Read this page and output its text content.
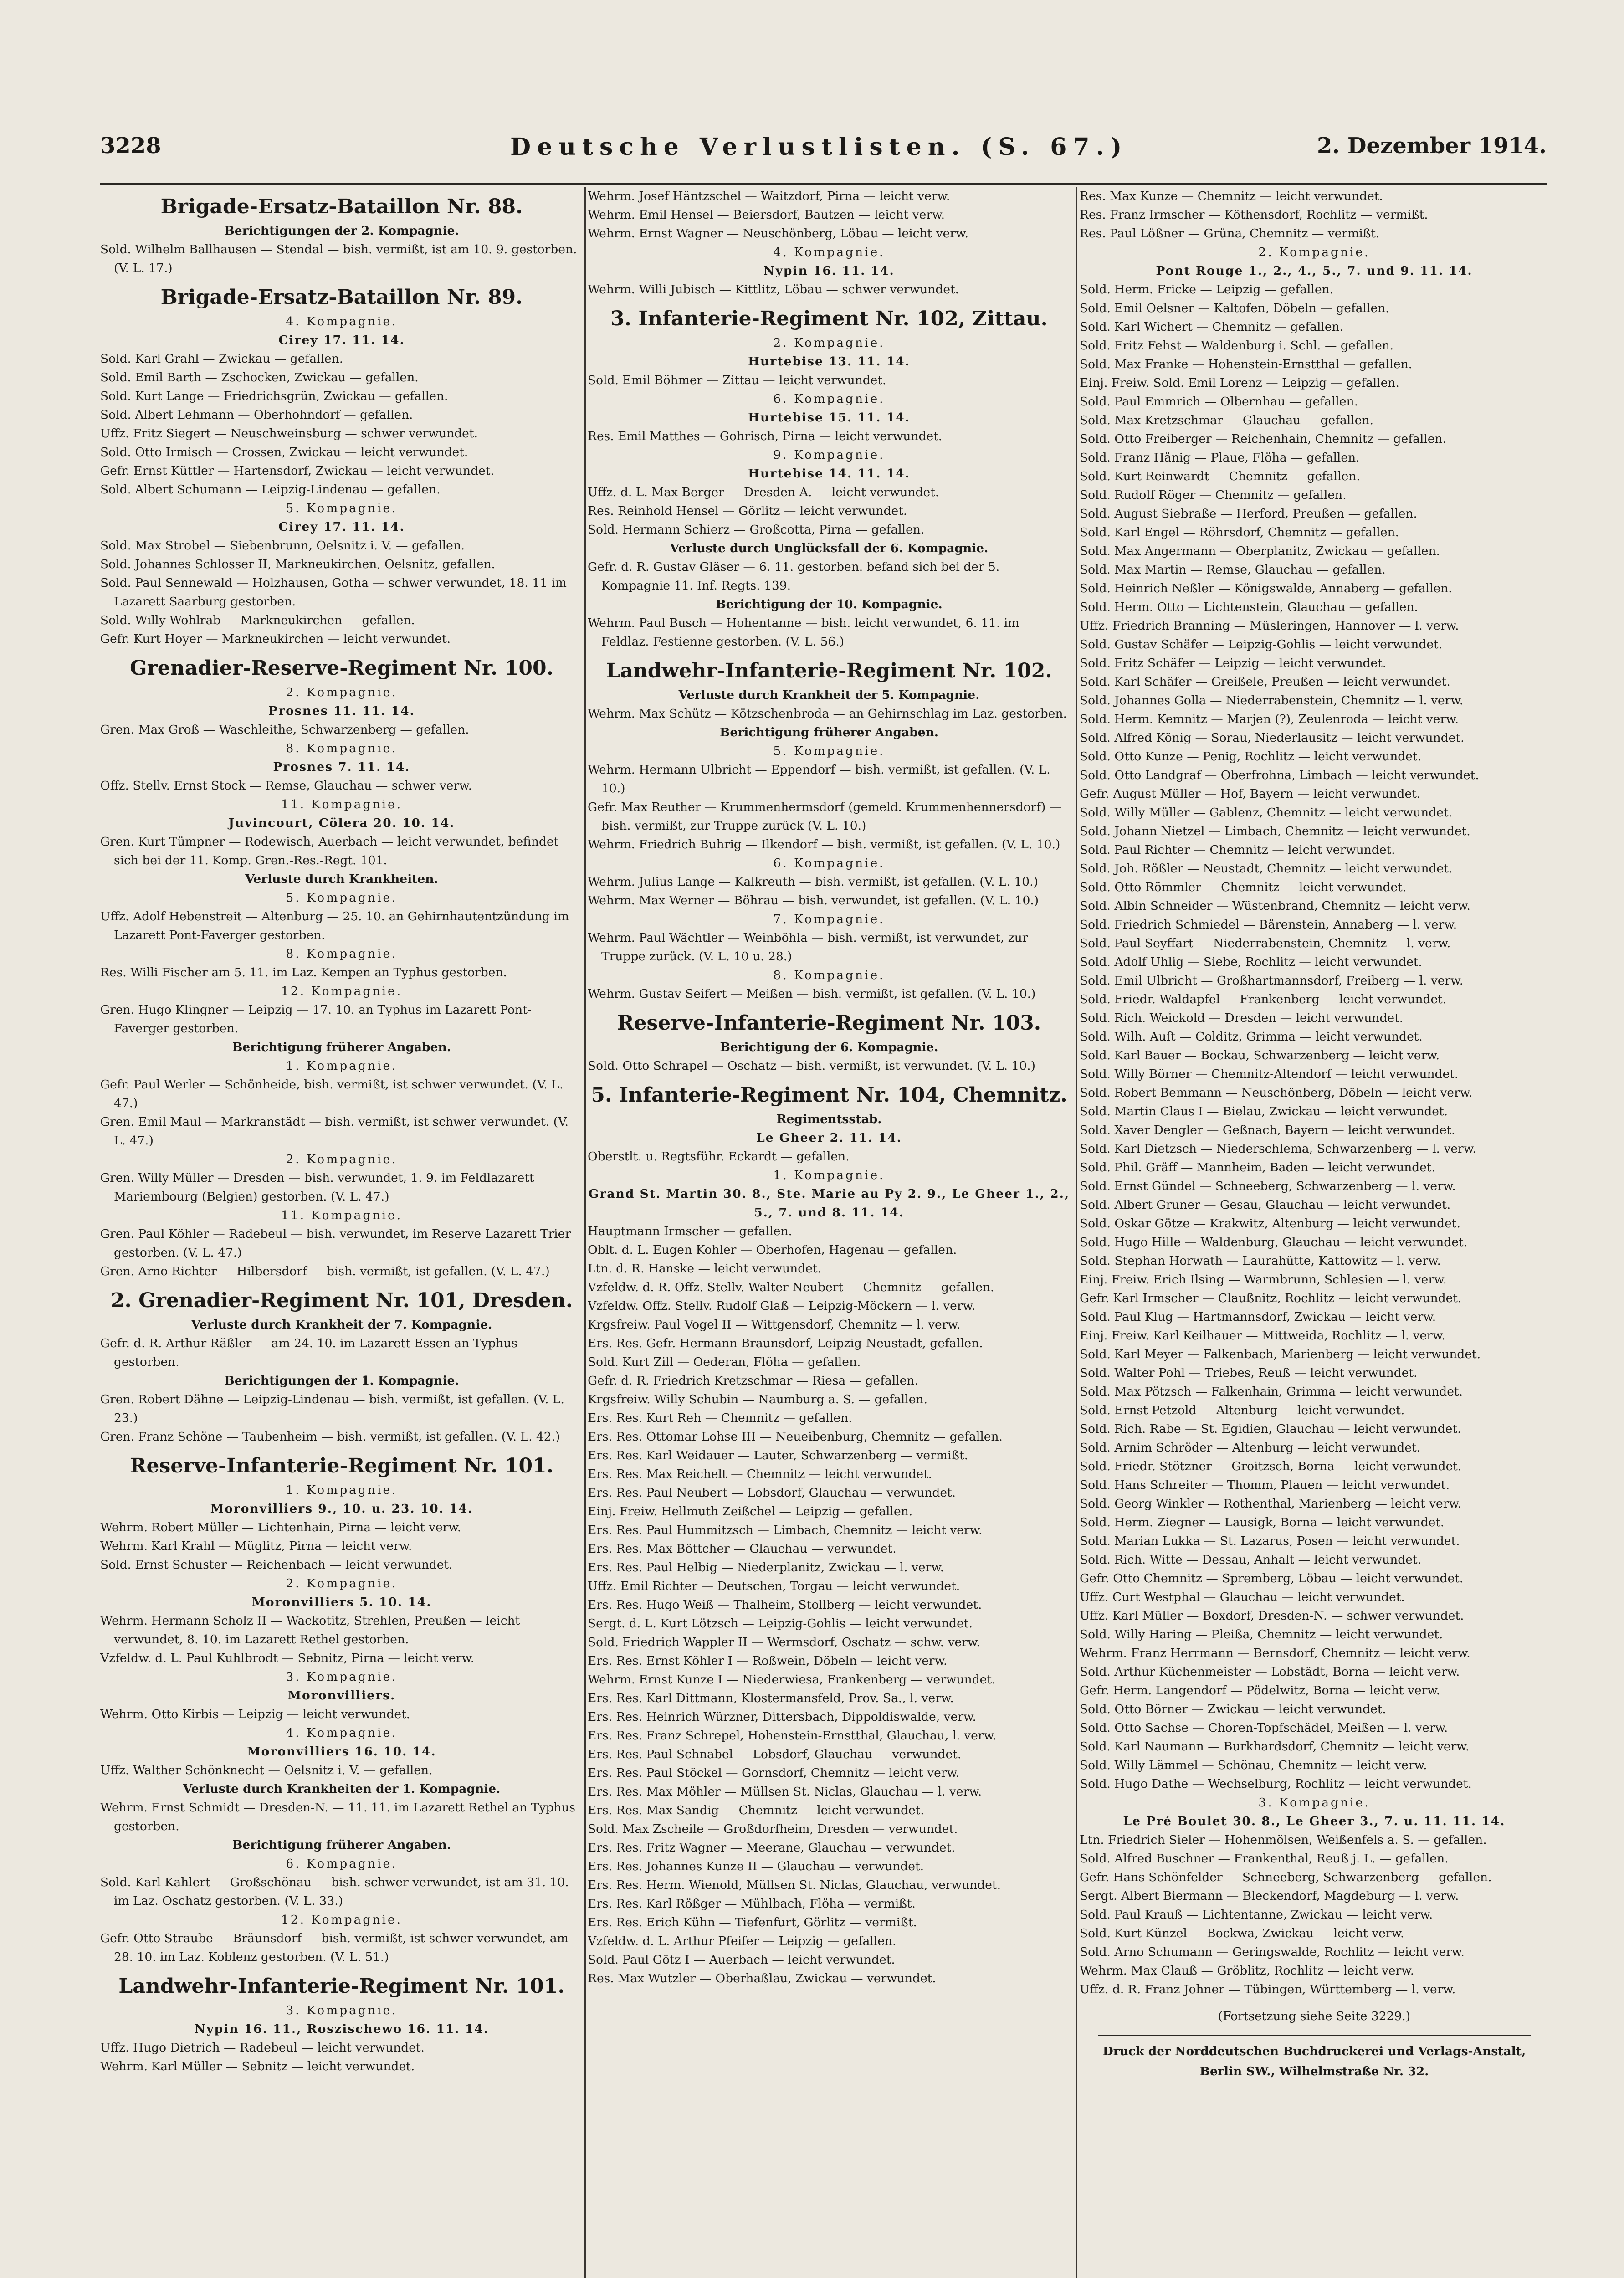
3228	Deutsche Verlustlisten. (S. 67.)	2. Dezember 1914.
Brigade-Ersatz-Bataillon Nr. 88.
Berichtigungen der 2. Kompagnie.
Sold. Wilhelm Ballhausen — Stendal — bish. vermißt, ist am 10. 9. gestorben. (V. L. 17.)
Brigade-Ersatz-Bataillon Nr. 89.
4. Kompagnie.
Cirey 17. 11. 14.
Sold. Karl Grahl — Zwickau — gefallen.
Sold. Emil Barth — Zschocken, Zwickau — gefallen.
Sold. Kurt Lange — Friedrichsgrün, Zwickau — gefallen.
Sold. Albert Lehmann — Oberhohndorf — gefallen.
Uffz. Fritz Siegert — Neuschweinsburg — schwer verwundet.
Sold. Otto Irmisch — Crossen, Zwickau — leicht verwundet.
Gefr. Ernst Küttler — Hartensdorf, Zwickau — leicht verwundet.
Sold. Albert Schumann — Leipzig-Lindenau — gefallen.
5. Kompagnie.
Cirey 17. 11. 14.
Sold. Max Strobel — Siebenbrunn, Oelsnitz i. V. — gefallen.
Sold. Johannes Schlosser II, Markneukirchen, Oelsnitz, gefallen.
Sold. Paul Sennewald — Holzhausen, Gotha — schwer verwundet, 18. 11 im Lazarett Saarburg gestorben.
Sold. Willy Wohlrab — Markneukirchen — gefallen.
Gefr. Kurt Hoyer — Markneukirchen — leicht verwundet.
Grenadier-Reserve-Regiment Nr. 100.
2. Kompagnie.
Prosnes 11. 11. 14.
Gren. Max Groß — Waschleithe, Schwarzenberg — gefallen.
8. Kompagnie.
Prosnes 7. 11. 14.
Offz. Stellv. Ernst Stock — Remse, Glauchau — schwer verw.
11. Kompagnie.
Juvincourt, Cölera 20. 10. 14.
Gren. Kurt Tümpner — Rodewisch, Auerbach — leicht verwundet, befindet sich bei der 11. Komp. Gren.-Res.-Regt. 101.
Verluste durch Krankheiten.
5. Kompagnie.
Uffz. Adolf Hebenstreit — Altenburg — 25. 10. an Gehirnhautentzündung im Lazarett Pont-Faverger gestorben.
8. Kompagnie.
Res. Willi Fischer am 5. 11. im Laz. Kempen an Typhus gestorben.
12. Kompagnie.
Gren. Hugo Klingner — Leipzig — 17. 10. an Typhus im Lazarett Pont-Faverger gestorben.
Berichtigung früherer Angaben.
1. Kompagnie.
Gefr. Paul Werler — Schönheide, bish. vermißt, ist schwer verwundet. (V. L. 47.)
Gren. Emil Maul — Markranstädt — bish. vermißt, ist schwer verwundet. (V. L. 47.)
2. Kompagnie.
Gren. Willy Müller — Dresden — bish. verwundet, 1. 9. im Feldlazarett Mariembourg (Belgien) gestorben. (V. L. 47.)
11. Kompagnie.
Gren. Paul Köhler — Radebeul — bish. verwundet, im Reserve Lazarett Trier gestorben. (V. L. 47.)
Gren. Arno Richter — Hilbersdorf — bish. vermißt, ist gefallen. (V. L. 47.)
2. Grenadier-Regiment Nr. 101, Dresden.
Verluste durch Krankheit der 7. Kompagnie.
Gefr. d. R. Arthur Räßler — am 24. 10. im Lazarett Essen an Typhus gestorben.
Berichtigungen der 1. Kompagnie.
Gren. Robert Dähne — Leipzig-Lindenau — bish. vermißt, ist gefallen. (V. L. 23.)
Gren. Franz Schöne — Taubenheim — bish. vermißt, ist gefallen. (V. L. 42.)
Reserve-Infanterie-Regiment Nr. 101.
1. Kompagnie.
Moronvilliers 9., 10. u. 23. 10. 14.
Wehrm. Robert Müller — Lichtenhain, Pirna — leicht verw.
Wehrm. Karl Krahl — Müglitz, Pirna — leicht verw.
Sold. Ernst Schuster — Reichenbach — leicht verwundet.
2. Kompagnie.
Moronvilliers 5. 10. 14.
Wehrm. Hermann Scholz II — Wackotitz, Strehlen, Preußen — leicht verwundet, 8. 10. im Lazarett Rethel gestorben.
Vzfeldw. d. L. Paul Kuhlbrodt — Sebnitz, Pirna — leicht verw.
3. Kompagnie.
Moronvilliers.
Wehrm. Otto Kirbis — Leipzig — leicht verwundet.
4. Kompagnie.
Moronvilliers 16. 10. 14.
Uffz. Walther Schönknecht — Oelsnitz i. V. — gefallen.
Verluste durch Krankheiten der 1. Kompagnie.
Wehrm. Ernst Schmidt — Dresden-N. — 11. 11. im Lazarett Rethel an Typhus gestorben.
Berichtigung früherer Angaben.
6. Kompagnie.
Sold. Karl Kahlert — Großschönau — bish. schwer verwundet, ist am 31. 10. im Laz. Oschatz gestorben. (V. L. 33.)
12. Kompagnie.
Gefr. Otto Straube — Bräunsdorf — bish. vermißt, ist schwer verwundet, am 28. 10. im Laz. Koblenz gestorben. (V. L. 51.)
Landwehr-Infanterie-Regiment Nr. 101.
3. Kompagnie.
Nypin 16. 11., Roszischewo 16. 11. 14.
Uffz. Hugo Dietrich — Radebeul — leicht verwundet.
Wehrm. Karl Müller — Sebnitz — leicht verwundet.
Wehrm. Josef Häntzschel — Waitzdorf, Pirna — leicht verw.
Wehrm. Emil Hensel — Beiersdorf, Bautzen — leicht verw.
Wehrm. Ernst Wagner — Neuschönberg, Löbau — leicht verw.
4. Kompagnie.
Nypin 16. 11. 14.
Wehrm. Willi Jubisch — Kittlitz, Löbau — schwer verwundet.
3. Infanterie-Regiment Nr. 102, Zittau.
2. Kompagnie.
Hurtebise 13. 11. 14.
Sold. Emil Böhmer — Zittau — leicht verwundet.
6. Kompagnie.
Hurtebise 15. 11. 14.
Res. Emil Matthes — Gohrisch, Pirna — leicht verwundet.
9. Kompagnie.
Hurtebise 14. 11. 14.
Uffz. d. L. Max Berger — Dresden-A. — leicht verwundet.
Res. Reinhold Hensel — Görlitz — leicht verwundet.
Sold. Hermann Schierz — Großcotta, Pirna — gefallen.
Verluste durch Unglücksfall der 6. Kompagnie.
Gefr. d. R. Gustav Gläser — 6. 11. gestorben. befand sich bei der 5. Kompagnie 11. Inf. Regts. 139.
Berichtigung der 10. Kompagnie.
Wehrm. Paul Busch — Hohentanne — bish. leicht verwundet, 6. 11. im Feldlaz. Festienne gestorben. (V. L. 56.)
Landwehr-Infanterie-Regiment Nr. 102.
Verluste durch Krankheit der 5. Kompagnie.
Wehrm. Max Schütz — Kötzschenbroda — an Gehirnschlag im Laz. gestorben.
Berichtigung früherer Angaben.
5. Kompagnie.
Wehrm. Hermann Ulbricht — Eppendorf — bish. vermißt, ist gefallen. (V. L. 10.)
Gefr. Max Reuther — Krummenhermsdorf (gemeld. Krummenhennersdorf) — bish. vermißt, zur Truppe zurück (V. L. 10.)
Wehrm. Friedrich Buhrig — Ilkendorf — bish. vermißt, ist gefallen. (V. L. 10.)
6. Kompagnie.
Wehrm. Julius Lange — Kalkreuth — bish. vermißt, ist gefallen. (V. L. 10.)
Wehrm. Max Werner — Böhrau — bish. verwundet, ist gefallen. (V. L. 10.)
7. Kompagnie.
Wehrm. Paul Wächtler — Weinböhla — bish. vermißt, ist verwundet, zur Truppe zurück. (V. L. 10 u. 28.)
8. Kompagnie.
Wehrm. Gustav Seifert — Meißen — bish. vermißt, ist gefallen. (V. L. 10.)
Reserve-Infanterie-Regiment Nr. 103.
Berichtigung der 6. Kompagnie.
Sold. Otto Schrapel — Oschatz — bish. vermißt, ist verwundet. (V. L. 10.)
5. Infanterie-Regiment Nr. 104, Chemnitz.
Regimentsstab.
Le Gheer 2. 11. 14.
Oberstlt. u. Regtsführ. Eckardt — gefallen.
1. Kompagnie.
Grand St. Martin 30. 8., Ste. Marie au Py 2. 9., Le Gheer 1., 2., 5., 7. und 8. 11. 14.
Hauptmann Irmscher — gefallen.
Oblt. d. L. Eugen Kohler — Oberhofen, Hagenau — gefallen.
Ltn. d. R. Hanske — leicht verwundet.
Vzfeldw. d. R. Offz. Stellv. Walter Neubert — Chemnitz — gefallen.
Vzfeldw. Offz. Stellv. Rudolf Glaß — Leipzig-Möckern — l. verw.
Krgsfreiw. Paul Vogel II — Wittgensdorf, Chemnitz — l. verw.
Ers. Res. Gefr. Hermann Braunsdorf, Leipzig-Neustadt, gefallen.
Sold. Kurt Zill — Oederan, Flöha — gefallen.
Gefr. d. R. Friedrich Kretzschmar — Riesa — gefallen.
Krgsfreiw. Willy Schubin — Naumburg a. S. — gefallen.
Ers. Res. Kurt Reh — Chemnitz — gefallen.
Ers. Res. Ottomar Lohse III — Neueibenburg, Chemnitz — gefallen.
Ers. Res. Karl Weidauer — Lauter, Schwarzenberg — vermißt.
Ers. Res. Max Reichelt — Chemnitz — leicht verwundet.
Ers. Res. Paul Neubert — Lobsdorf, Glauchau — verwundet.
Einj. Freiw. Hellmuth Zeißchel — Leipzig — gefallen.
Ers. Res. Paul Hummitzsch — Limbach, Chemnitz — leicht verw.
Ers. Res. Max Böttcher — Glauchau — verwundet.
Ers. Res. Paul Helbig — Niederplanitz, Zwickau — l. verw.
Uffz. Emil Richter — Deutschen, Torgau — leicht verwundet.
Ers. Res. Hugo Weiß — Thalheim, Stollberg — leicht verwundet.
Sergt. d. L. Kurt Lötzsch — Leipzig-Gohlis — leicht verwundet.
Sold. Friedrich Wappler II — Wermsdorf, Oschatz — schw. verw.
Ers. Res. Ernst Köhler I — Roßwein, Döbeln — leicht verw.
Wehrm. Ernst Kunze I — Niederwiesa, Frankenberg — verwundet.
Ers. Res. Karl Dittmann, Klostermansfeld, Prov. Sa., l. verw.
Ers. Res. Heinrich Würzner, Dittersbach, Dippoldiswalde, verw.
Ers. Res. Franz Schrepel, Hohenstein-Ernstthal, Glauchau, l. verw.
Ers. Res. Paul Schnabel — Lobsdorf, Glauchau — verwundet.
Ers. Res. Paul Stöckel — Gornsdorf, Chemnitz — leicht verw.
Ers. Res. Max Möhler — Müllsen St. Niclas, Glauchau — l. verw.
Ers. Res. Max Sandig — Chemnitz — leicht verwundet.
Sold. Max Zscheile — Großdorfheim, Dresden — verwundet.
Ers. Res. Fritz Wagner — Meerane, Glauchau — verwundet.
Ers. Res. Johannes Kunze II — Glauchau — verwundet.
Ers. Res. Herm. Wienold, Müllsen St. Niclas, Glauchau, verwundet.
Ers. Res. Karl Rößger — Mühlbach, Flöha — vermißt.
Ers. Res. Erich Kühn — Tiefenfurt, Görlitz — vermißt.
Vzfeldw. d. L. Arthur Pfeifer — Leipzig — gefallen.
Sold. Paul Götz I — Auerbach — leicht verwundet.
Res. Max Wutzler — Oberhaßlau, Zwickau — verwundet.
Res. Max Kunze — Chemnitz — leicht verwundet.
Res. Franz Irmscher — Köthensdorf, Rochlitz — vermißt.
Res. Paul Lößner — Grüna, Chemnitz — vermißt.
2. Kompagnie.
Pont Rouge 1., 2., 4., 5., 7. und 9. 11. 14.
Sold. Herm. Fricke — Leipzig — gefallen.
Sold. Emil Oelsner — Kaltofen, Döbeln — gefallen.
Sold. Karl Wichert — Chemnitz — gefallen.
Sold. Fritz Fehst — Waldenburg i. Schl. — gefallen.
Sold. Max Franke — Hohenstein-Ernstthal — gefallen.
Einj. Freiw. Sold. Emil Lorenz — Leipzig — gefallen.
Sold. Paul Emmrich — Olbernhau — gefallen.
Sold. Max Kretzschmar — Glauchau — gefallen.
Sold. Otto Freiberger — Reichenhain, Chemnitz — gefallen.
Sold. Franz Hänig — Plaue, Flöha — gefallen.
Sold. Kurt Reinwardt — Chemnitz — gefallen.
Sold. Rudolf Röger — Chemnitz — gefallen.
Sold. August Siebraße — Herford, Preußen — gefallen.
Sold. Karl Engel — Röhrsdorf, Chemnitz — gefallen.
Sold. Max Angermann — Oberplanitz, Zwickau — gefallen.
Sold. Max Martin — Remse, Glauchau — gefallen.
Sold. Heinrich Neßler — Königswalde, Annaberg — gefallen.
Sold. Herm. Otto — Lichtenstein, Glauchau — gefallen.
Uffz. Friedrich Branning — Müsleringen, Hannover — l. verw.
Sold. Gustav Schäfer — Leipzig-Gohlis — leicht verwundet.
Sold. Fritz Schäfer — Leipzig — leicht verwundet.
Sold. Karl Schäfer — Greißele, Preußen — leicht verwundet.
Sold. Johannes Golla — Niederrabenstein, Chemnitz — l. verw.
Sold. Herm. Kemnitz — Marjen (?), Zeulenroda — leicht verw.
Sold. Alfred König — Sorau, Niederlausitz — leicht verwundet.
Sold. Otto Kunze — Penig, Rochlitz — leicht verwundet.
Sold. Otto Landgraf — Oberfrohna, Limbach — leicht verwundet.
Gefr. August Müller — Hof, Bayern — leicht verwundet.
Sold. Willy Müller — Gablenz, Chemnitz — leicht verwundet.
Sold. Johann Nietzel — Limbach, Chemnitz — leicht verwundet.
Sold. Paul Richter — Chemnitz — leicht verwundet.
Sold. Joh. Rößler — Neustadt, Chemnitz — leicht verwundet.
Sold. Otto Römmler — Chemnitz — leicht verwundet.
Sold. Albin Schneider — Wüstenbrand, Chemnitz — leicht verw.
Sold. Friedrich Schmiedel — Bärenstein, Annaberg — l. verw.
Sold. Paul Seyffart — Niederrabenstein, Chemnitz — l. verw.
Sold. Adolf Uhlig — Siebe, Rochlitz — leicht verwundet.
Sold. Emil Ulbricht — Großhartmannsdorf, Freiberg — l. verw.
Sold. Friedr. Waldapfel — Frankenberg — leicht verwundet.
Sold. Rich. Weickold — Dresden — leicht verwundet.
Sold. Wilh. Auſt — Colditz, Grimma — leicht verwundet.
Sold. Karl Bauer — Bockau, Schwarzenberg — leicht verw.
Sold. Willy Börner — Chemnitz-Altendorf — leicht verwundet.
Sold. Robert Bemmann — Neuschönberg, Döbeln — leicht verw.
Sold. Martin Claus I — Bielau, Zwickau — leicht verwundet.
Sold. Xaver Dengler — Geßnach, Bayern — leicht verwundet.
Sold. Karl Dietzsch — Niederschlema, Schwarzenberg — l. verw.
Sold. Phil. Gräff — Mannheim, Baden — leicht verwundet.
Sold. Ernst Gündel — Schneeberg, Schwarzenberg — l. verw.
Sold. Albert Gruner — Gesau, Glauchau — leicht verwundet.
Sold. Oskar Götze — Krakwitz, Altenburg — leicht verwundet.
Sold. Hugo Hille — Waldenburg, Glauchau — leicht verwundet.
Sold. Stephan Horwath — Laurahütte, Kattowitz — l. verw.
Einj. Freiw. Erich Ilsing — Warmbrunn, Schlesien — l. verw.
Gefr. Karl Irmscher — Claußnitz, Rochlitz — leicht verwundet.
Sold. Paul Klug — Hartmannsdorf, Zwickau — leicht verw.
Einj. Freiw. Karl Keilhauer — Mittweida, Rochlitz — l. verw.
Sold. Karl Meyer — Falkenbach, Marienberg — leicht verwundet.
Sold. Walter Pohl — Triebes, Reuß — leicht verwundet.
Sold. Max Pötzsch — Falkenhain, Grimma — leicht verwundet.
Sold. Ernst Petzold — Altenburg — leicht verwundet.
Sold. Rich. Rabe — St. Egidien, Glauchau — leicht verwundet.
Sold. Arnim Schröder — Altenburg — leicht verwundet.
Sold. Friedr. Stötzner — Groitzsch, Borna — leicht verwundet.
Sold. Hans Schreiter — Thomm, Plauen — leicht verwundet.
Sold. Georg Winkler — Rothenthal, Marienberg — leicht verw.
Sold. Herm. Ziegner — Lausigk, Borna — leicht verwundet.
Sold. Marian Lukka — St. Lazarus, Posen — leicht verwundet.
Sold. Rich. Witte — Dessau, Anhalt — leicht verwundet.
Gefr. Otto Chemnitz — Spremberg, Löbau — leicht verwundet.
Uffz. Curt Westphal — Glauchau — leicht verwundet.
Uffz. Karl Müller — Boxdorf, Dresden-N. — schwer verwundet.
Sold. Willy Haring — Pleißa, Chemnitz — leicht verwundet.
Wehrm. Franz Herrmann — Bernsdorf, Chemnitz — leicht verw.
Sold. Arthur Küchenmeister — Lobstädt, Borna — leicht verw.
Gefr. Herm. Langendorf — Pödelwitz, Borna — leicht verw.
Sold. Otto Börner — Zwickau — leicht verwundet.
Sold. Otto Sachse — Choren-Topfschädel, Meißen — l. verw.
Sold. Karl Naumann — Burkhardsdorf, Chemnitz — leicht verw.
Sold. Willy Lämmel — Schönau, Chemnitz — leicht verw.
Sold. Hugo Dathe — Wechselburg, Rochlitz — leicht verwundet.
3. Kompagnie.
Le Pré Boulet 30. 8., Le Gheer 3., 7. u. 11. 11. 14.
Ltn. Friedrich Sieler — Hohenmölsen, Weißenfels a. S. — gefallen.
Sold. Alfred Buschner — Frankenthal, Reuß j. L. — gefallen.
Gefr. Hans Schönfelder — Schneeberg, Schwarzenberg — gefallen.
Sergt. Albert Biermann — Bleckendorf, Magdeburg — l. verw.
Sold. Paul Krauß — Lichtentanne, Zwickau — leicht verw.
Sold. Kurt Künzel — Bockwa, Zwickau — leicht verw.
Sold. Arno Schumann — Geringswalde, Rochlitz — leicht verw.
Wehrm. Max Clauß — Gröblitz, Rochlitz — leicht verw.
Uffz. d. R. Franz Johner — Tübingen, Württemberg — l. verw.
(Fortsetzung siehe Seite 3229.)
Druck der Norddeutschen Buchdruckerei und Verlags-Anstalt, Berlin SW., Wilhelmstraße Nr. 32.
